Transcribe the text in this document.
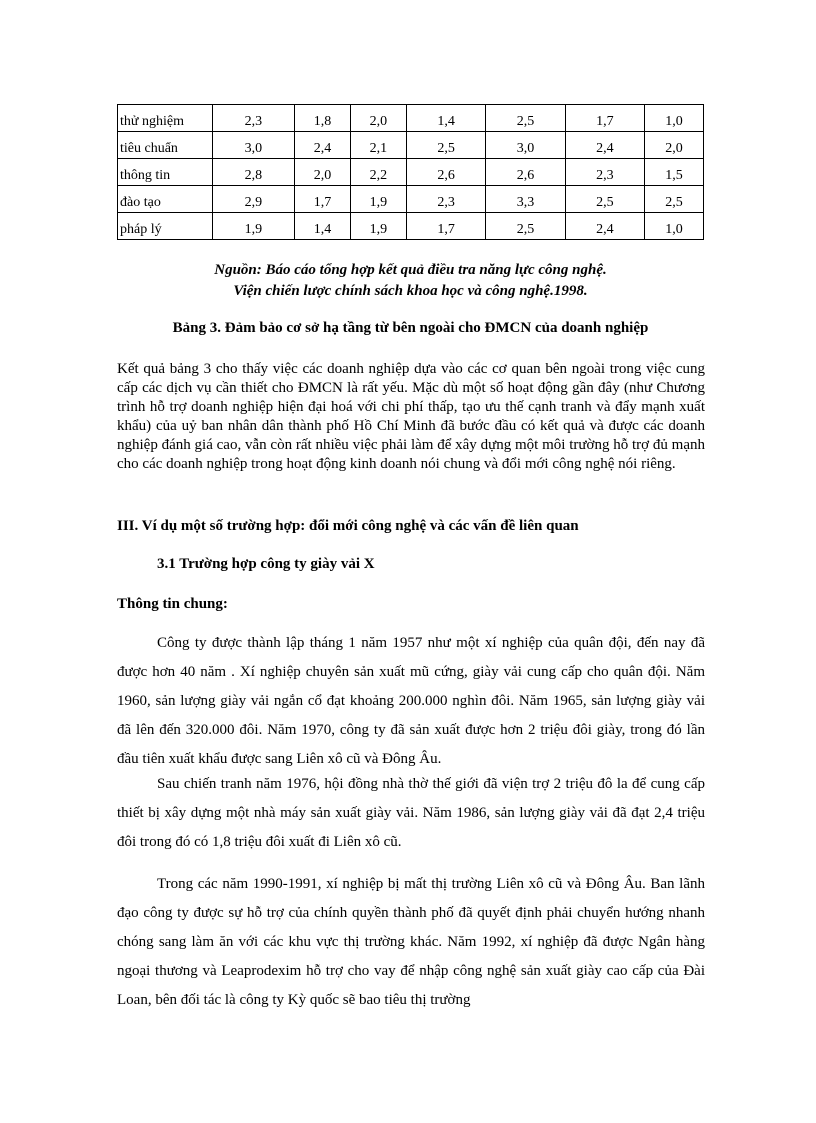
thử nghiệm	2,3	1,8	2,0	1,4	2,5	1,7	1,0
tiêu chuẩn	3,0	2,4	2,1	2,5	3,0	2,4	2,0
thông tin	2,8	2,0	2,2	2,6	2,6	2,3	1,5
đào tạo	2,9	1,7	1,9	2,3	3,3	2,5	2,5
pháp lý	1,9	1,4	1,9	1,7	2,5	2,4	1,0
Nguồn: Báo cáo tổng hợp kết quả điều tra năng lực công nghệ.
Viện chiến lược chính sách khoa học và công nghệ.1998.
Bảng 3. Đảm bảo cơ sở hạ tầng từ bên ngoài cho ĐMCN của doanh nghiệp
Kết quả bảng 3 cho thấy việc các doanh nghiệp dựa vào các cơ quan bên ngoài trong việc cung cấp các dịch vụ cần thiết cho ĐMCN là rất yếu. Mặc dù một số hoạt động gần đây (như Chương trình hỗ trợ doanh nghiệp hiện đại hoá với chi phí thấp, tạo ưu thế cạnh tranh và đẩy mạnh xuất khẩu) của uỷ ban nhân dân thành phố Hồ Chí Minh đã bước đầu có kết quả và được các doanh nghiệp đánh giá cao, vẫn còn rất nhiều việc phải làm để xây dựng một môi trường hỗ trợ đủ mạnh cho các doanh nghiệp trong hoạt động kinh doanh nói chung và đổi mới công nghệ nói riêng.
III. Ví dụ một số trường hợp: đổi mới công nghệ và các vấn đề liên quan
3.1 Trường hợp công ty giày vải X
Thông tin chung:
Công ty được thành lập tháng 1 năm 1957 như một xí nghiệp của quân đội, đến nay đã được hơn 40 năm . Xí nghiệp chuyên sản xuất mũ cứng, giày vải cung cấp cho quân đội. Năm 1960, sản lượng giày vải ngắn cổ đạt khoảng 200.000 nghìn đôi. Năm 1965, sản lượng giày vải đã lên đến 320.000 đôi. Năm 1970, công ty đã sản xuất được hơn 2 triệu đôi giày, trong đó lần đầu tiên xuất khẩu được sang Liên xô cũ và Đông Âu.
Sau chiến tranh năm 1976, hội đồng nhà thờ thế giới đã viện trợ 2 triệu đô la để cung cấp thiết bị xây dựng một nhà máy sản xuất giày vải. Năm 1986, sản lượng giày vải đã đạt 2,4 triệu đôi trong đó có 1,8 triệu đôi xuất đi Liên xô cũ.
Trong các năm 1990-1991, xí nghiệp bị mất thị trường Liên xô cũ và Đông Âu. Ban lãnh đạo công ty được sự hỗ trợ của chính quyền thành phố đã quyết định phải chuyển hướng nhanh chóng sang làm ăn với các khu vực thị trường khác. Năm 1992, xí nghiệp đã được Ngân hàng ngoại thương và Leaprodexim hỗ trợ cho vay để nhập công nghệ sản xuất giày cao cấp của Đài Loan, bên đối tác là công ty Kỳ quốc sẽ bao tiêu thị trường
